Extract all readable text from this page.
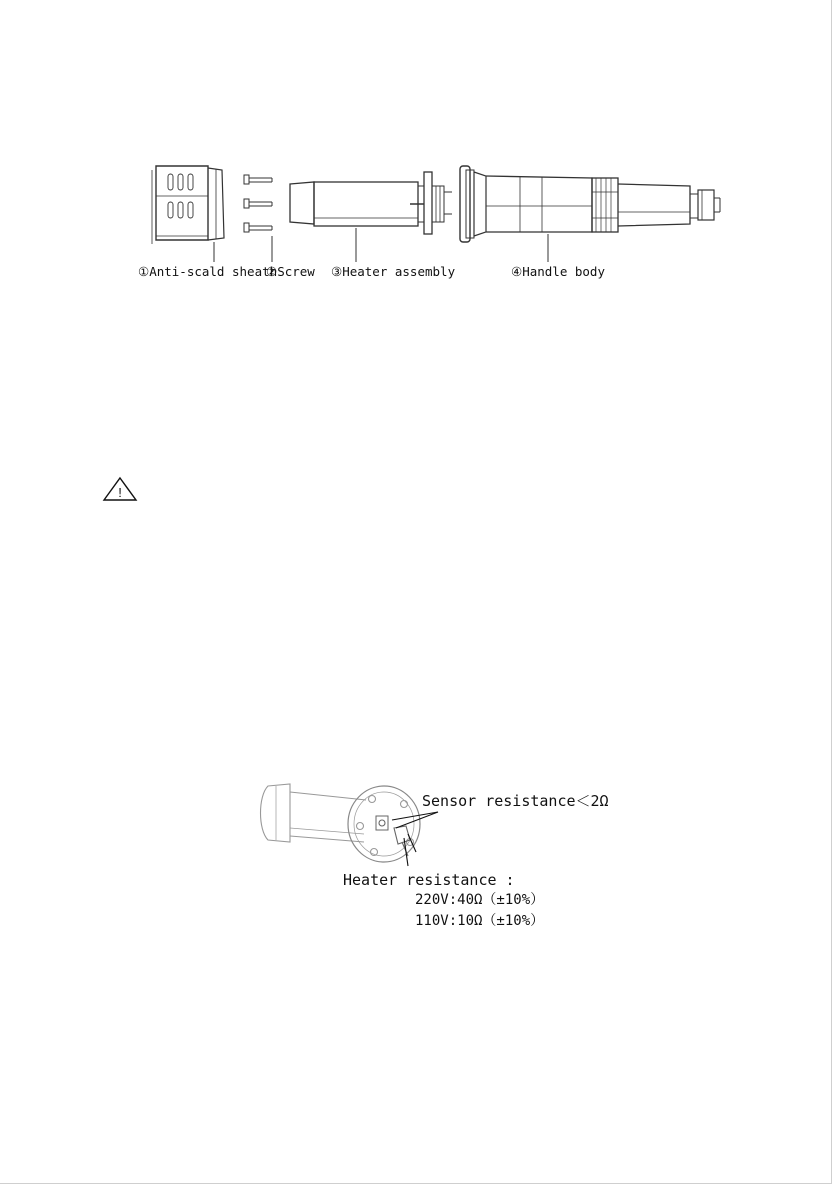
①Anti-scald sheath
②Screw ③Heater assembly	④Handle body
!
Sensor resistance＜2Ω
Heater resistance :
220V:40Ω（±10%）
110V:10Ω（±10%）
